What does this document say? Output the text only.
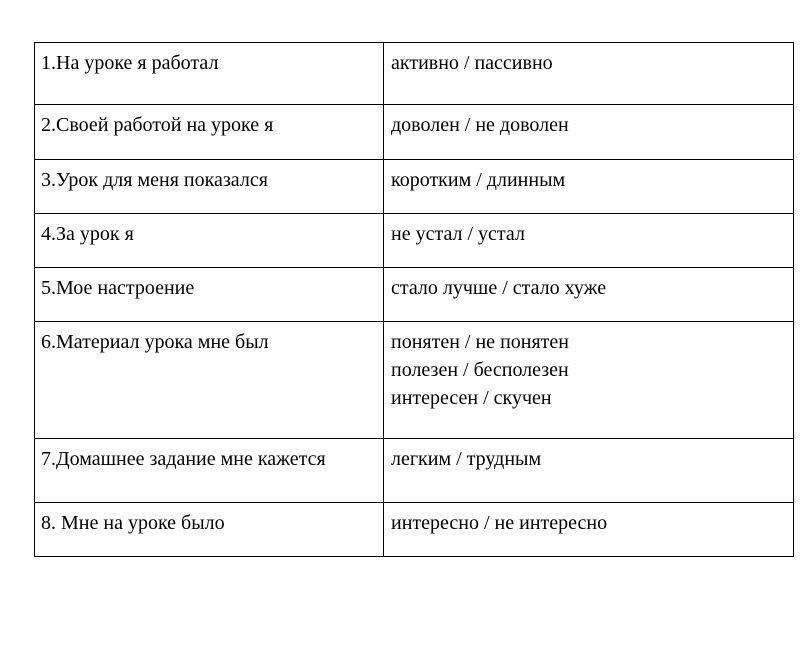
1.На уроке я работал	активно / пассивно

2.Своей работой на уроке я	доволен / не доволен

3.Урок для меня показался	коротким / длинным

4.За урок я	не устал / устал

5.Мое настроение	стало лучше / стало хуже

6.Материал урока мне был	понятен / не понятен
полезен / бесполезен
интересен / скучен

7.Домашнее задание мне кажется	легким / трудным

8. Мне на уроке было	интересно / не интересно
